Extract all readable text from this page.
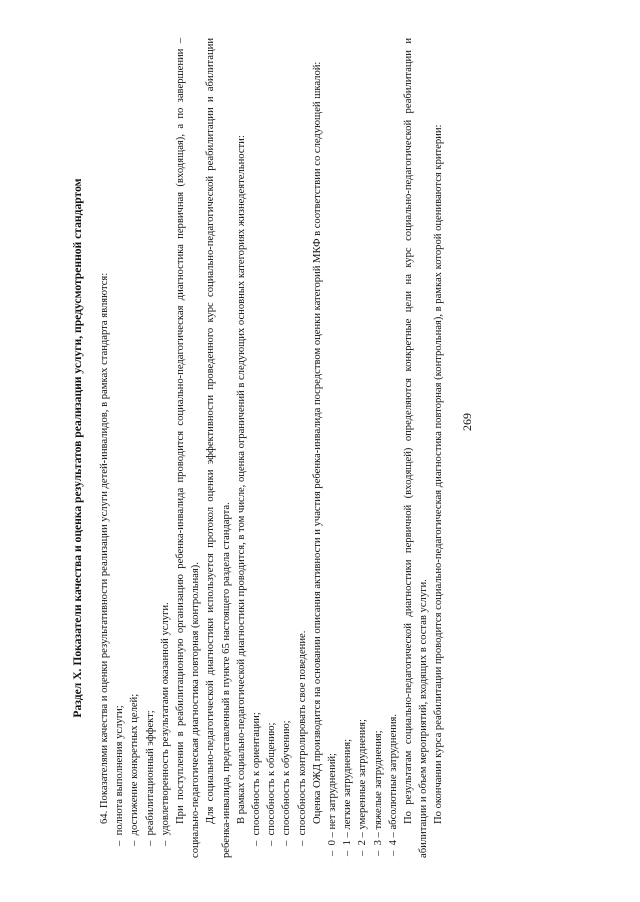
269
Раздел X. Показатели качества и оценка результатов реализации услуги, предусмотренной стандартом 64. Показателями качества и оценки результативности реализации услуги детей-инвалидов, в рамках стандарта являются: –  полнота выполнения услуги; –  достижение конкретных целей; –  реабилитационный эффект; –  удовлетворенность результатами оказанной услуги. При поступлении в реабилитационную организацию ребенка-инвалида проводится социально-педагогическая диагностика первичная (входящая), а по завершении – социально-педагогическая диагностика повторная (контрольная). Для социально-педагогической диагностики используется протокол оценки эффективности проведенного курс социально-педагогической реабилитации и абилитации ребенка-инвалида, представленный в пункте 65 настоящего раздела стандарта. В рамках социально-педагогической диагностики проводится, в том числе, оценка ограничений в следующих основных категориях жизнедеятельности: –  способность к ориентации; –  способность к общению; –  способность к обучению; –  способность контролировать свое поведение. Оценка ОЖД производится на основании описания активности и участия ребенка-инвалида посредством оценки категорий МКФ в соответствии со следующей шкалой: –  0 – нет затруднений; –  1 – легкие затруднения; –  2 – умеренные затруднения; –  3 – тяжелые затруднения; –  4 – абсолютные затруднения. По результатам социально-педагогической диагностики первичной (входящей) определяются конкретные цели на курс социально-педагогической реабилитации и абилитации и объем мероприятий, входящих в состав услуги. По окончании курса реабилитации проводится социально-педагогическая диагностика повторная (контрольная), в рамках которой оцениваются критерии:
